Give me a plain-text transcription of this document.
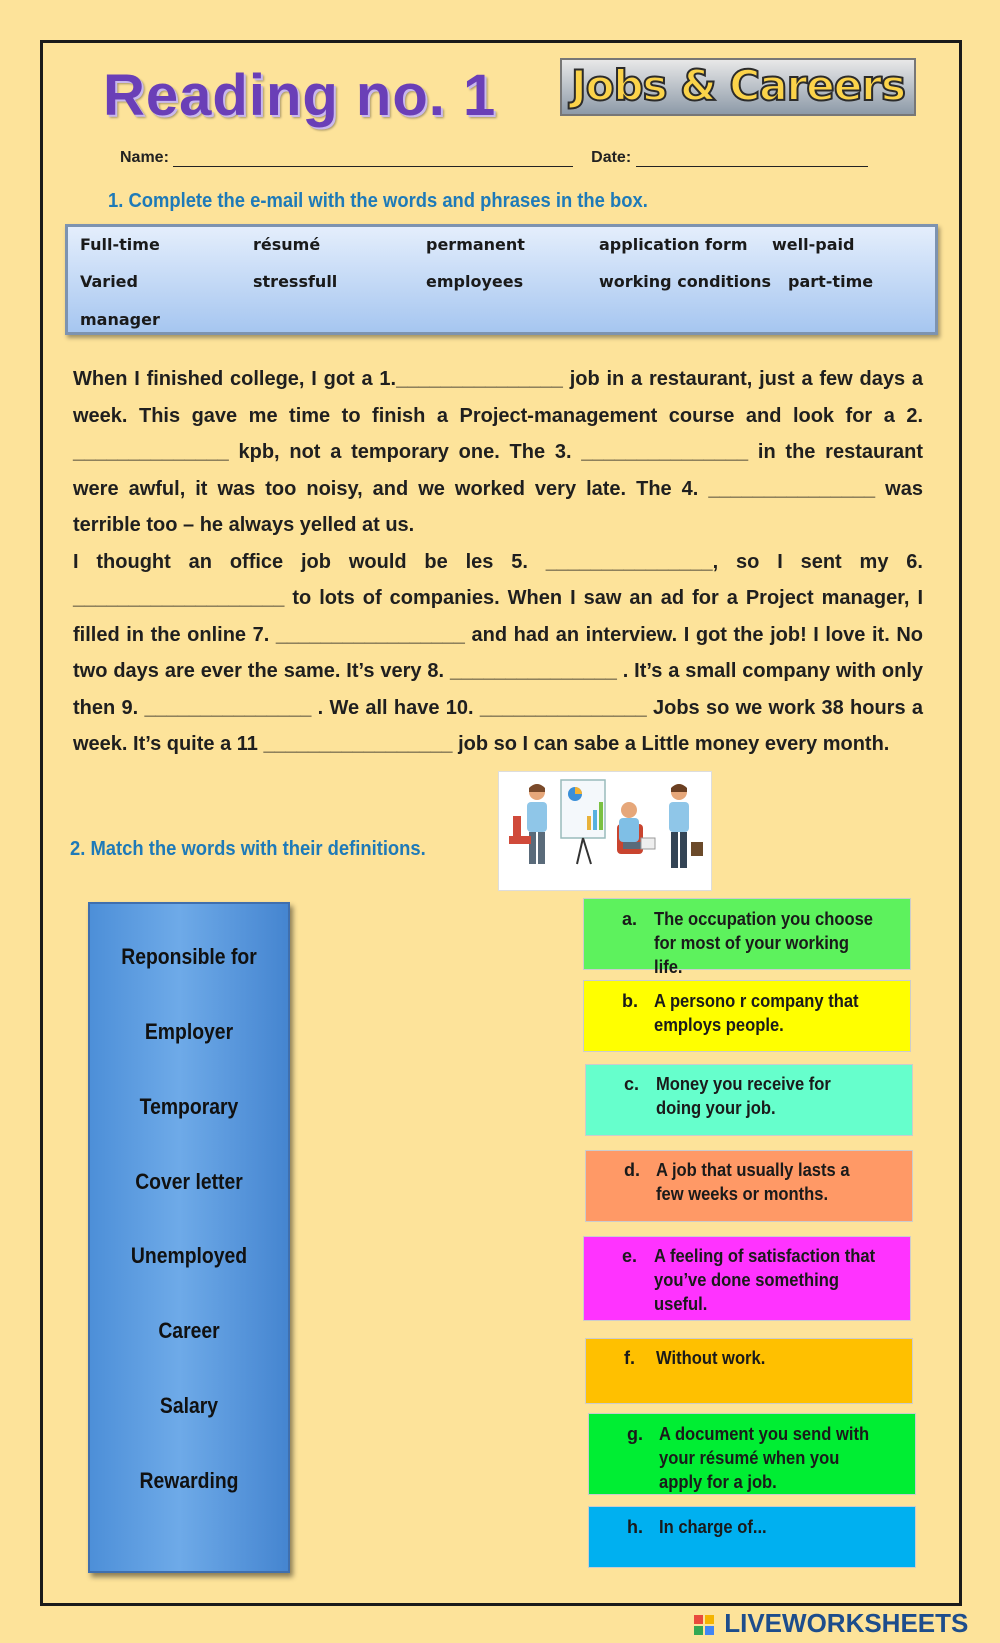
Reading no. 1 Jobs & Careers
Name:	Date:
1. Complete the e-mail with the words and phrases in the box.
Full-time	résumé	permanent	application form well-paid
Varied	stressfull	employees	working conditions part-time
manager

When I finished college, I got a 1._______________ job in a restaurant, just a few days a week. This gave me time to finish a Project-management course and look for a 2. ______________ kpb, not a temporary one. The 3. _______________ in the restaurant were awful, it was too noisy, and we worked very late. The 4. _______________ was terrible too – he always yelled at us.

I thought an office job would be les 5. _______________, so I sent my 6. ___________________ to lots of companies. When I saw an ad for a Project manager, I filled in the online 7. _________________ and had an interview. I got the job! I love it. No two days are ever the same. It’s very 8. _______________ . It’s a small company with only then 9. _______________ . We all have 10. _______________ Jobs so we work 38 hours a week. It’s quite a 11 _________________ job so I can sabe a Little money every month.

2. Match the words with their definitions.
Reponsible for
Employer
Temporary
Cover letter
Unemployed
Career
Salary
Rewarding
a. The occupation you choose for most of your working life.
b. A persono r company that employs people.
c. Money you receive for doing your job.
d. A job that usually lasts a few weeks or months.
e. A feeling of satisfaction that you’ve done something useful.
f. Without work.
g. A document you send with your résumé when you apply for a job.
h. In charge of...
LIVEWORKSHEETS
